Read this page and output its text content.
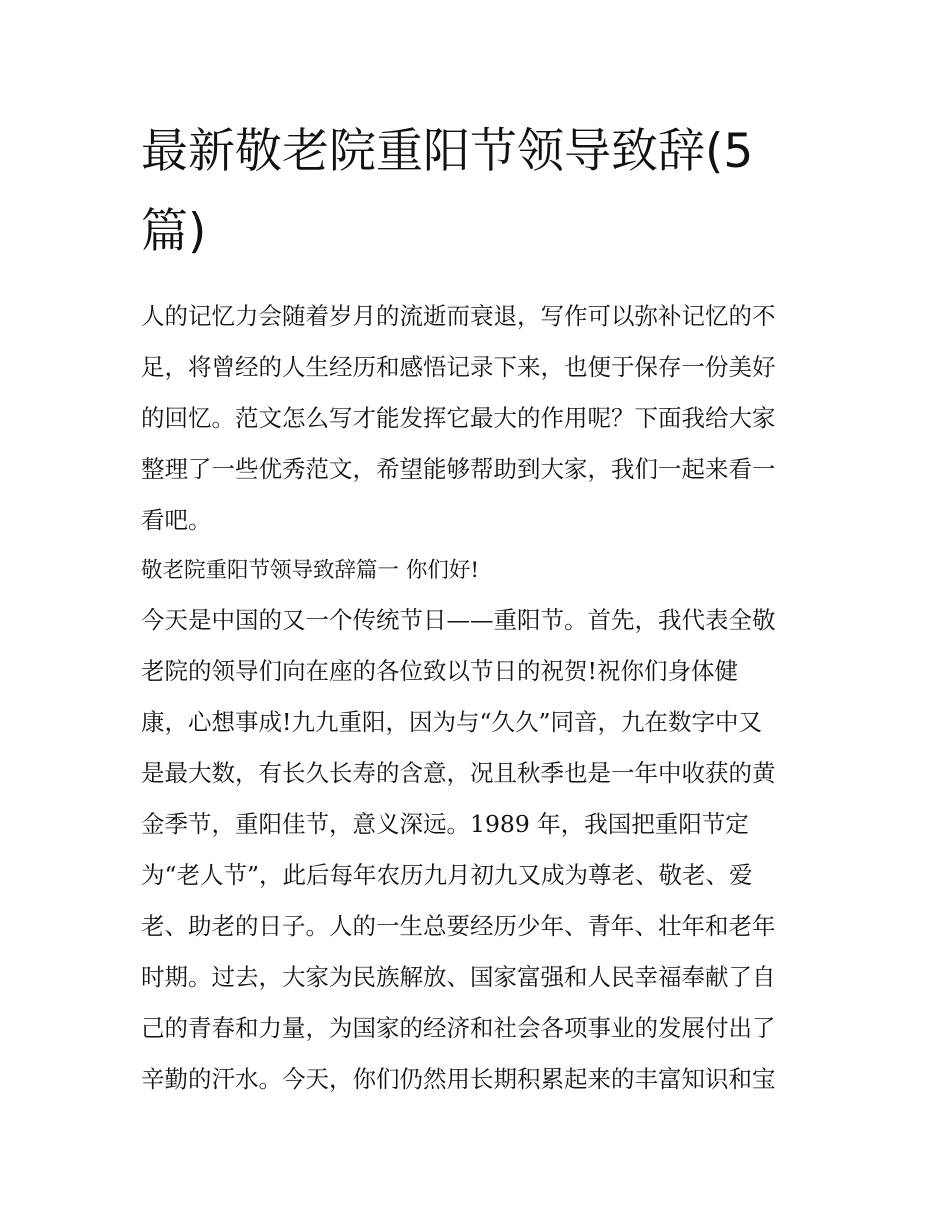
最新敬老院重阳节领导致辞(5
篇)
人的记忆力会随着岁月的流逝而衰退，写作可以弥补记忆的不
足，将曾经的人生经历和感悟记录下来，也便于保存一份美好
的回忆。范文怎么写才能发挥它最大的作用呢？下面我给大家
整理了一些优秀范文，希望能够帮助到大家，我们一起来看一
看吧。
敬老院重阳节领导致辞篇一 你们好!
今天是中国的又一个传统节日——重阳节。首先，我代表全敬
老院的领导们向在座的各位致以节日的祝贺!祝你们身体健
康，心想事成!九九重阳，因为与“久久”同音，九在数字中又
是最大数，有长久长寿的含意，况且秋季也是一年中收获的黄
金季节，重阳佳节，意义深远。1989 年，我国把重阳节定
为“老人节”，此后每年农历九月初九又成为尊老、敬老、爱
老、助老的日子。人的一生总要经历少年、青年、壮年和老年
时期。过去，大家为民族解放、国家富强和人民幸福奉献了自
己的青春和力量，为国家的经济和社会各项事业的发展付出了
辛勤的汗水。今天，你们仍然用长期积累起来的丰富知识和宝
